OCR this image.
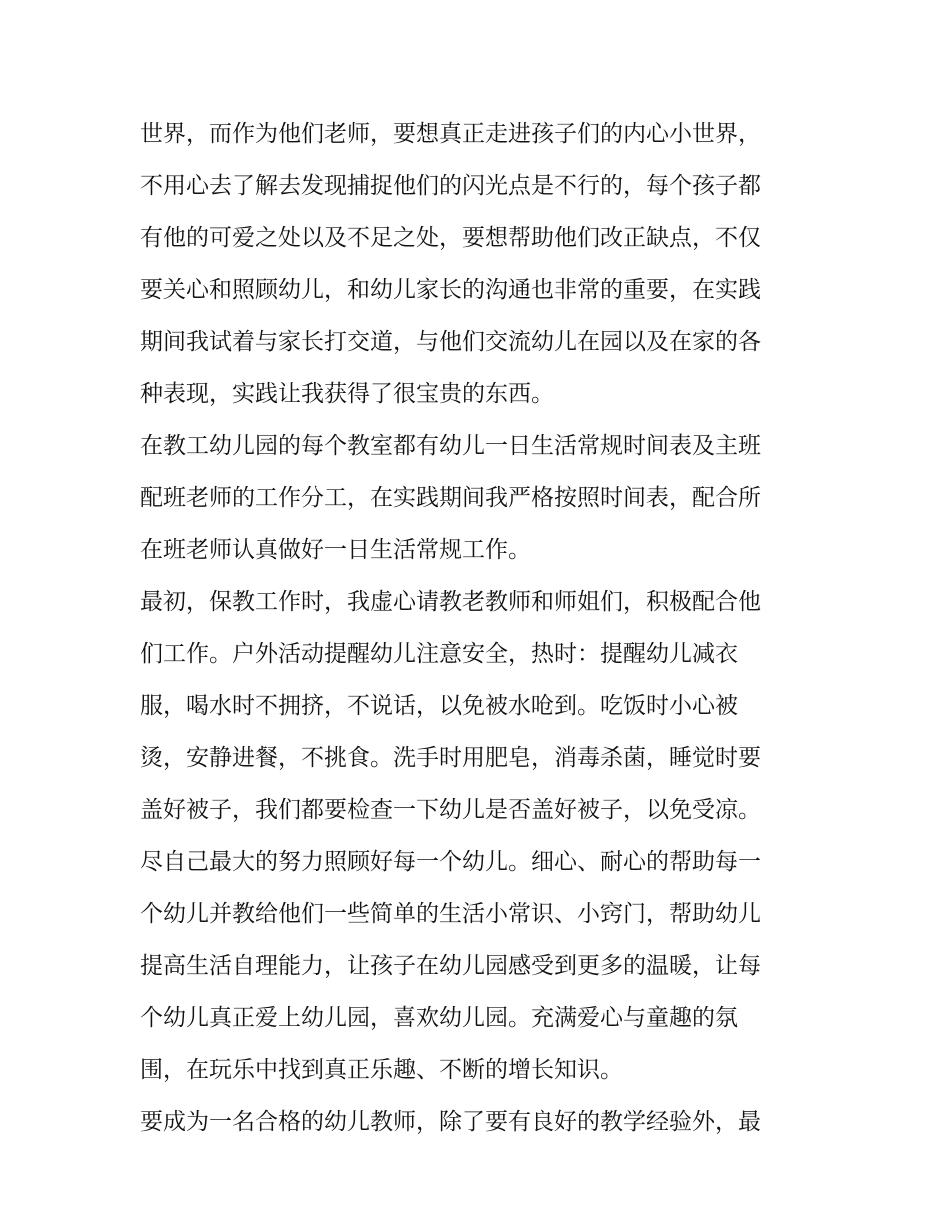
世界，而作为他们老师，要想真正走进孩子们的内心小世界，
不用心去了解去发现捕捉他们的闪光点是不行的，每个孩子都
有他的可爱之处以及不足之处，要想帮助他们改正缺点，不仅
要关心和照顾幼儿，和幼儿家长的沟通也非常的重要，在实践
期间我试着与家长打交道，与他们交流幼儿在园以及在家的各
种表现，实践让我获得了很宝贵的东西。
在教工幼儿园的每个教室都有幼儿一日生活常规时间表及主班
配班老师的工作分工，在实践期间我严格按照时间表，配合所
在班老师认真做好一日生活常规工作。
最初，保教工作时，我虚心请教老教师和师姐们，积极配合他
们工作。户外活动提醒幼儿注意安全，热时：提醒幼儿减衣
服，喝水时不拥挤，不说话，以免被水呛到。吃饭时小心被
烫，安静进餐，不挑食。洗手时用肥皂，消毒杀菌，睡觉时要
盖好被子，我们都要检查一下幼儿是否盖好被子，以免受凉。
尽自己最大的努力照顾好每一个幼儿。细心、耐心的帮助每一
个幼儿并教给他们一些简单的生活小常识、小窍门，帮助幼儿
提高生活自理能力，让孩子在幼儿园感受到更多的温暖，让每
个幼儿真正爱上幼儿园，喜欢幼儿园。充满爱心与童趣的氛
围，在玩乐中找到真正乐趣、不断的增长知识。
要成为一名合格的幼儿教师，除了要有良好的教学经验外，最
